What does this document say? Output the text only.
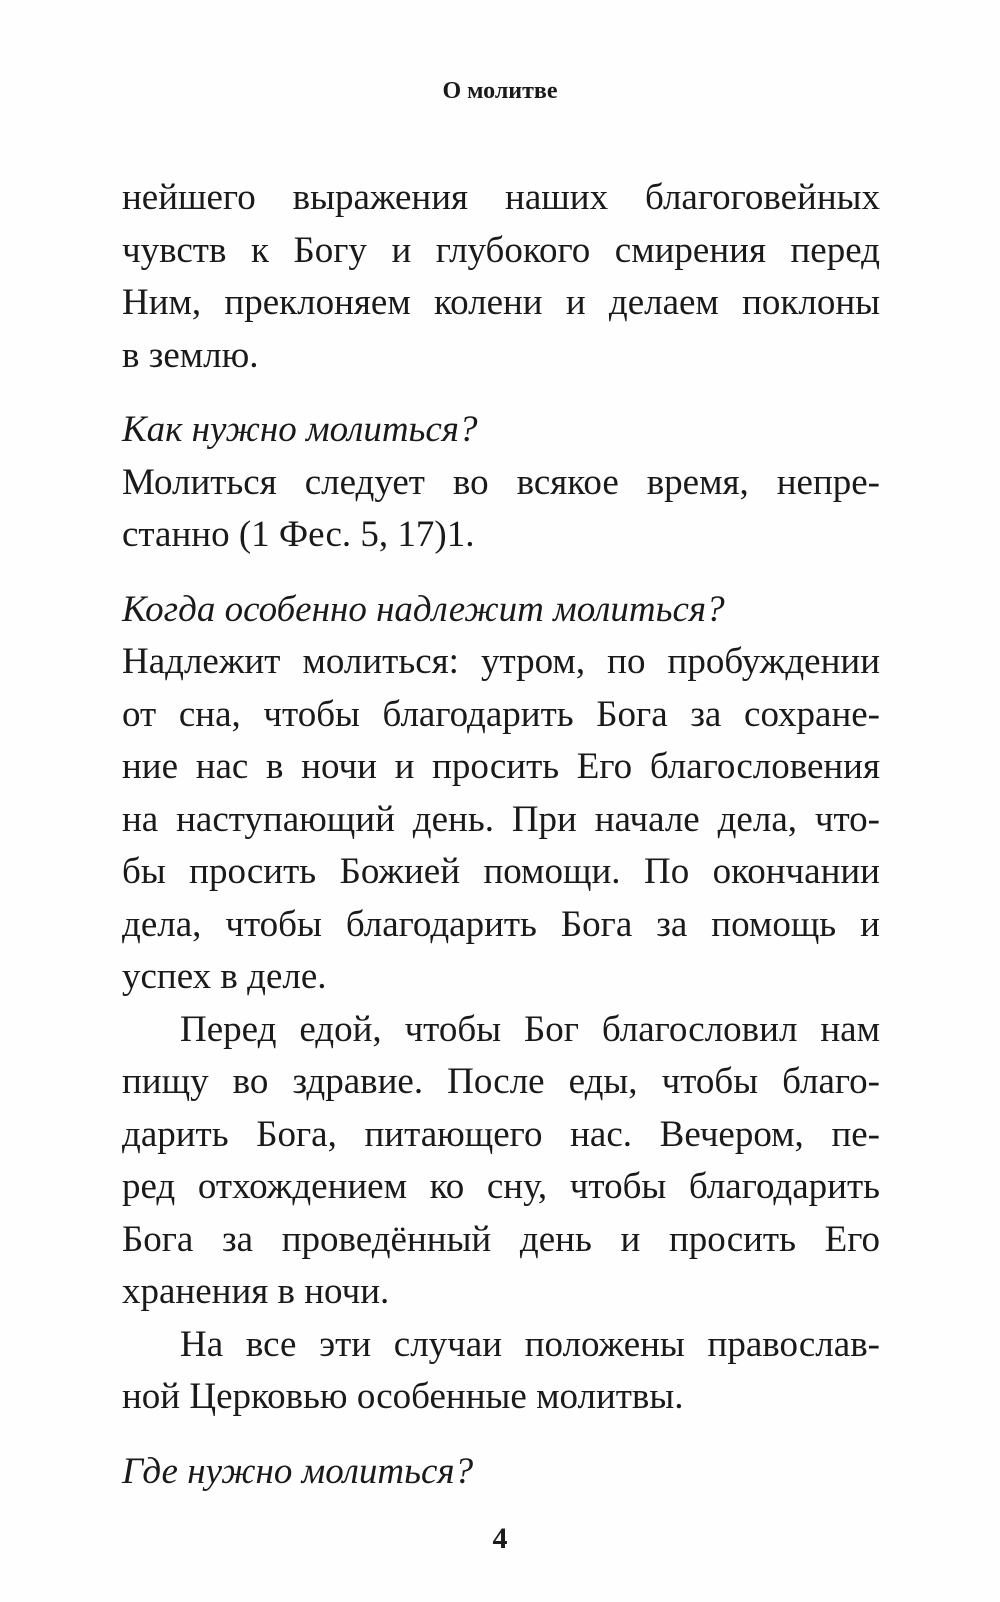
О молитве
нейшего выражения наших благоговейных
чувств к Богу и глубокого смирения перед
Ним, преклоняем колени и делаем поклоны
в землю.
Как нужно молиться?
Молиться следует во всякое время, непре-
станно (1 Фес. 5, 17)1.
Когда особенно надлежит молиться?
Надлежит молиться: утром, по пробуждении
от сна, чтобы благодарить Бога за сохране-
ние нас в ночи и просить Его благословения
на наступающий день. При начале дела, что-
бы просить Божией помощи. По окончании
дела, чтобы благодарить Бога за помощь и
успех в деле.
Перед едой, чтобы Бог благословил нам
пищу во здравие. После еды, чтобы благо-
дарить Бога, питающего нас. Вечером, пе-
ред отхождением ко сну, чтобы благодарить
Бога за проведённый день и просить Его
хранения в ночи.
На все эти случаи положены православ-
ной Церковью особенные молитвы.
Где нужно молиться?
4
